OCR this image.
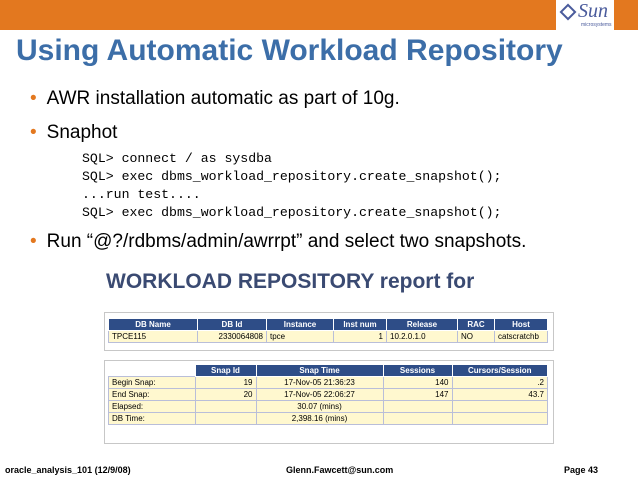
Sun
microsystems
Using Automatic Workload Repository
• AWR installation automatic as part of 10g.
• Snaphot
SQL> connect / as sysdba
SQL> exec dbms_workload_repository.create_snapshot();
...run test....
SQL> exec dbms_workload_repository.create_snapshot();
• Run “@?/rdbms/admin/awrrpt” and select two snapshots.
WORKLOAD REPOSITORY report for
DB Name	DB Id	Instance	Inst num	Release	RAC	Host
TPCE115	2330064808	tpce	1	10.2.0.1.0	NO	catscratchb
	Snap Id	Snap Time	Sessions	Cursors/Session
Begin Snap:	19	17-Nov-05 21:36:23	140	.2
End Snap:	20	17-Nov-05 22:06:27	147	43.7
Elapsed:		30.07 (mins)		
DB Time:		2,398.16 (mins)		
oracle_analysis_101 (12/9/08)	Glenn.Fawcett@sun.com	Page 43
